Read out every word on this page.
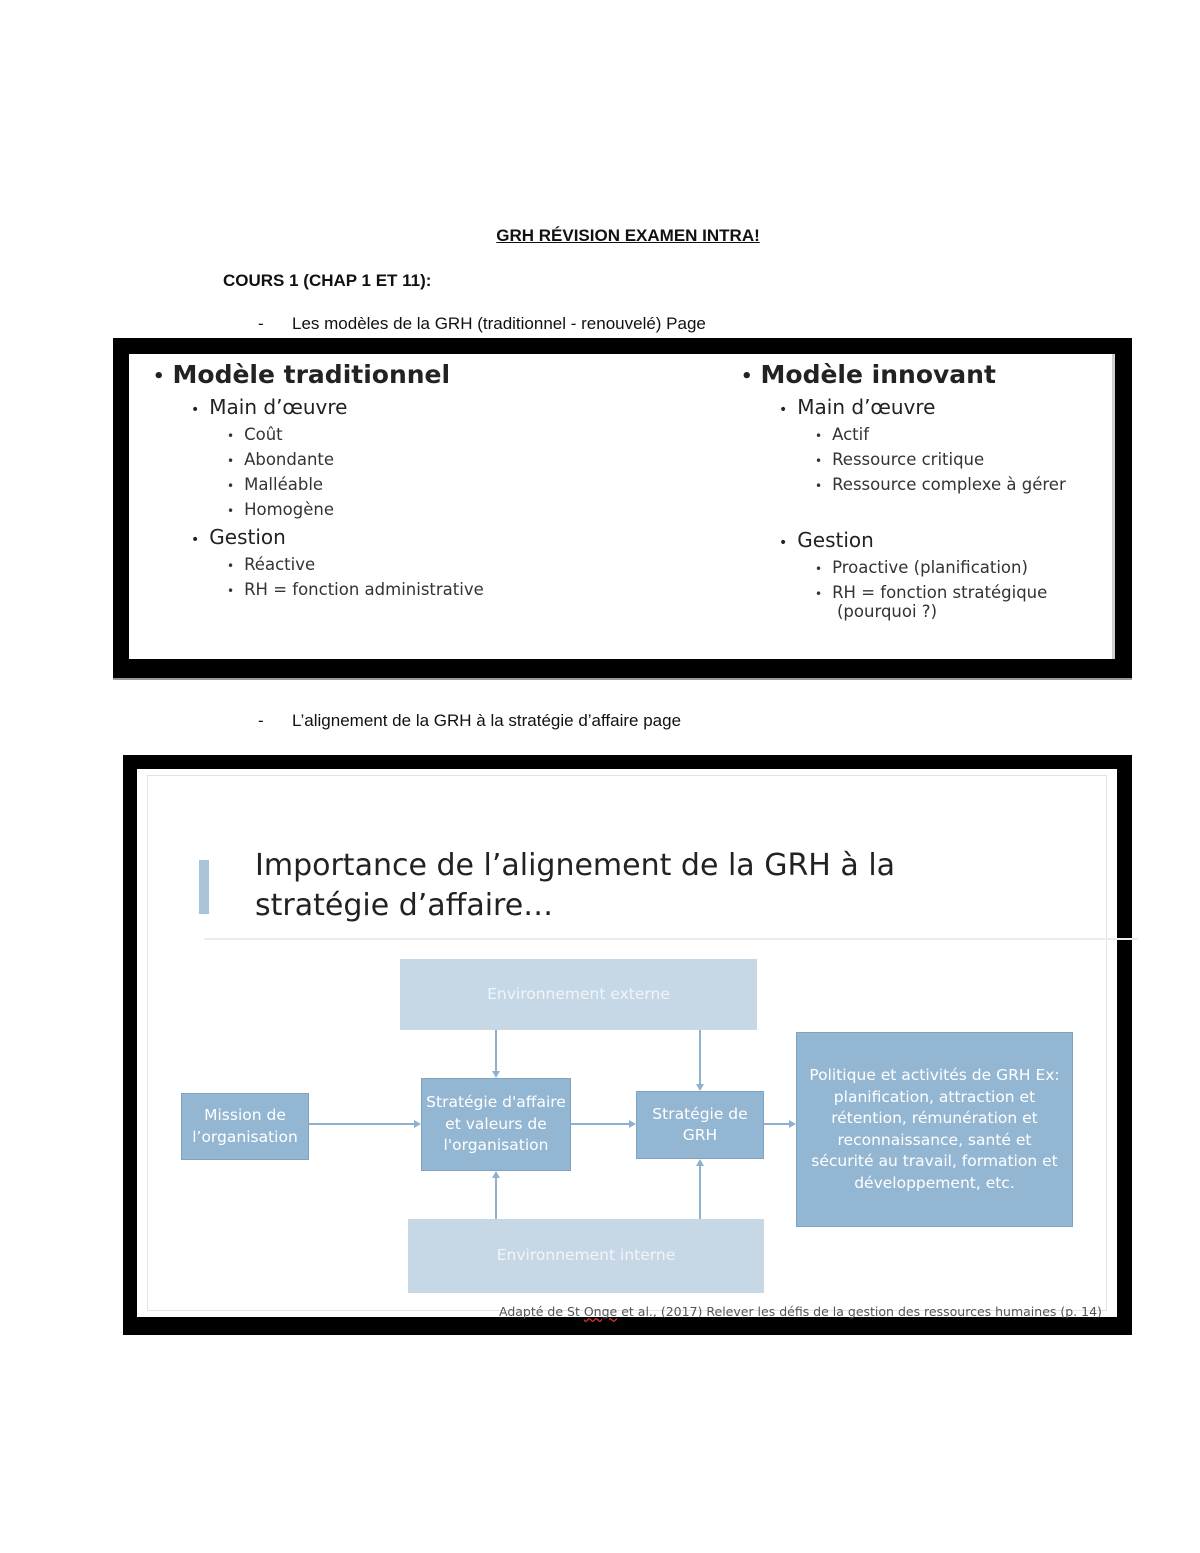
GRH RÉVISION EXAMEN INTRA!
COURS 1 (CHAP 1 ET 11):
- Les modèles de la GRH (traditionnel - renouvelé) Page
• Modèle traditionnel
• Main d’œuvre
• Coût
• Abondante
• Malléable
• Homogène
• Gestion
• Réactive
• RH = fonction administrative
• Modèle innovant
• Main d’œuvre
• Actif
• Ressource critique
• Ressource complexe à gérer
• Gestion
• Proactive (planification)
• RH = fonction stratégique
(pourquoi ?)
- L’alignement de la GRH à la stratégie d’affaire page
Importance de l’alignement de la GRH à la stratégie d’affaire…
Environnement externe
Mission de l’organisation
Stratégie d'affaire et valeurs de l'organisation
Stratégie de GRH
Politique et activités de GRH Ex: planification, attraction et rétention, rémunération et reconnaissance, santé et sécurité au travail, formation et développement, etc.
Environnement interne
Adapté de St Onge et al., (2017) Relever les défis de la gestion des ressources humaines (p. 14)
